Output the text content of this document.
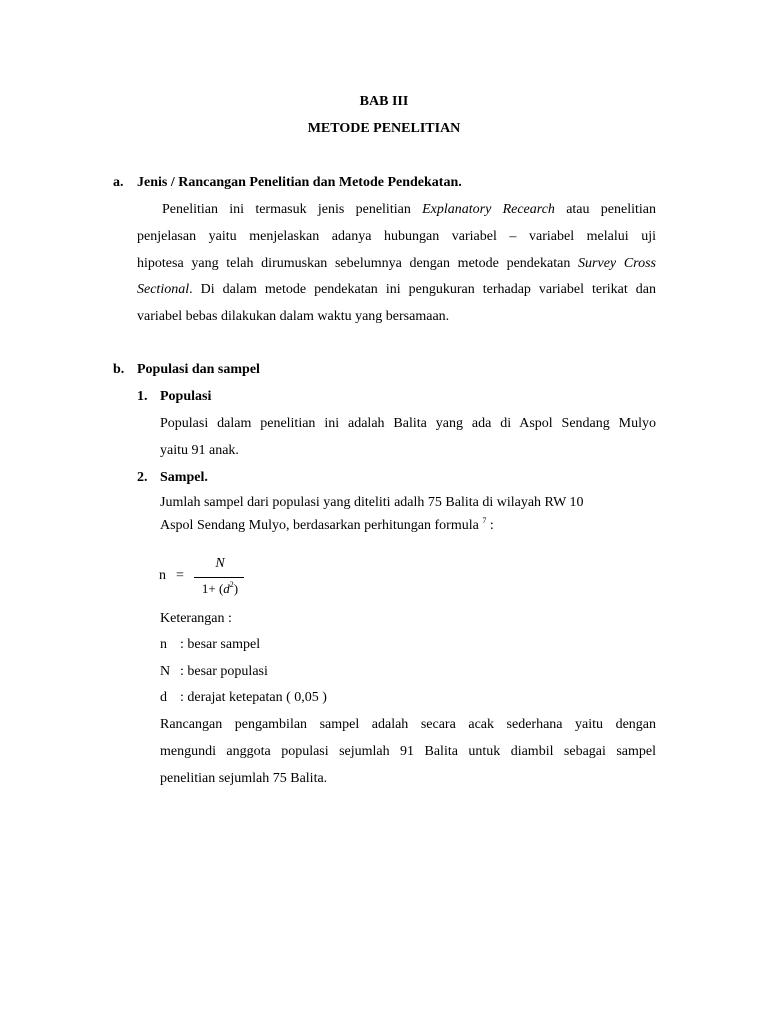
BAB III
METODE PENELITIAN
a. Jenis / Rancangan Penelitian dan Metode Pendekatan.
Penelitian ini termasuk jenis penelitian Explanatory Recearch atau penelitian
penjelasan yaitu menjelaskan adanya hubungan variabel – variabel melalui uji
hipotesa yang telah dirumuskan sebelumnya dengan metode pendekatan Survey Cross
Sectional. Di dalam metode pendekatan ini pengukuran terhadap variabel terikat dan
variabel bebas dilakukan dalam waktu yang bersamaan.
b. Populasi dan sampel
1. Populasi
Populasi dalam penelitian ini adalah Balita yang ada di Aspol Sendang Mulyo
yaitu 91 anak.
2. Sampel.
Jumlah sampel dari populasi yang diteliti adalh 75 Balita di wilayah RW 10
Aspol Sendang Mulyo, berdasarkan perhitungan formula $^7$ :
n =
N
$1+ (d^2)$
Keterangan :
n : besar sampel
N : besar populasi
d : derajat ketepatan ( 0,05 )
Rancangan pengambilan sampel adalah secara acak sederhana yaitu dengan
mengundi anggota populasi sejumlah 91 Balita untuk diambil sebagai sampel
penelitian sejumlah 75 Balita.
